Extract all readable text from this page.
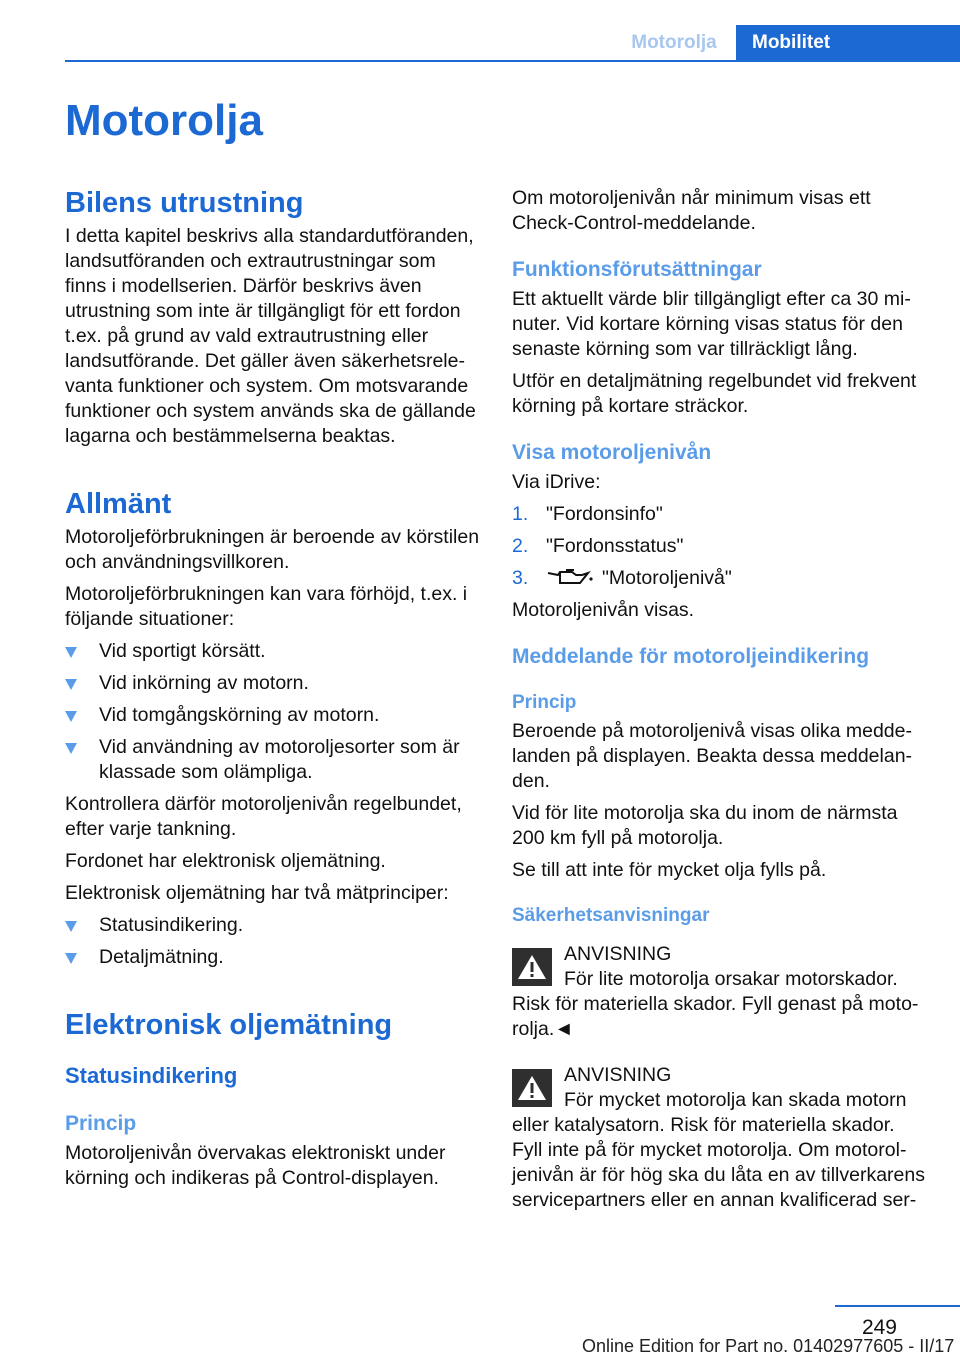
Motorolja	Mobilitet
Motorolja
Bilens utrustning

I detta kapitel beskrivs alla standardutföranden, landsutföranden och extrautrustningar som finns i modellserien. Därför beskrivs även utrustning som inte är tillgängligt för ett fordon t.ex. på grund av vald extrautrustning eller landsutförande. Det gäller även säkerhetsrelevanta funktioner och system. Om motsvarande funktioner och system används ska de gällande lagarna och bestämmelserna beaktas.

Allmänt

Motoroljeförbrukningen är beroende av körstilen och användningsvillkoren.

Motoroljeförbrukningen kan vara förhöjd, t.ex. i följande situationer:

Vid sportigt körsätt.
Vid inkörning av motorn.
Vid tomgångskörning av motorn.
Vid användning av motoroljesorter som är klassade som olämpliga.

Kontrollera därför motoroljenivån regelbundet, efter varje tankning.

Fordonet har elektronisk oljemätning.

Elektronisk oljemätning har två mätprinciper:

Statusindikering.
Detaljmätning.
Elektronisk oljemätning
Statusindikering
Princip

Motoroljenivån övervakas elektroniskt under körning och indikeras på Control-displayen.

Om motoroljenivån når minimum visas ett Check-Control-meddelande.

Funktionsförutsättningar

Ett aktuellt värde blir tillgängligt efter ca 30 minuter. Vid kortare körning visas status för den senaste körning som var tillräckligt lång.

Utför en detaljmätning regelbundet vid frekvent körning på kortare sträckor.

Visa motoroljenivån

Via iDrive:

1. "Fordonsinfo"
2. "Fordonsstatus"
3.	"Motoroljenivå"

Motoroljenivån visas.

Meddelande för motoroljeindikering
Princip

Beroende på motoroljenivå visas olika meddelanden på displayen. Beakta dessa meddelanden.

Vid för lite motorolja ska du inom de närmsta 200 km fyll på motorolja.

Se till att inte för mycket olja fylls på.

Säkerhetsanvisningar

ANVISNING

För lite motorolja orsakar motorskador. Risk för materiella skador. Fyll genast på motorolja.◄

ANVISNING

För mycket motorolja kan skada motorn eller katalysatorn. Risk för materiella skador. Fyll inte på för mycket motorolja. Om motoroljenivån är för hög ska du låta en av tillverkarens servicepartners eller en annan kvalificerad ser‐

249
Online Edition for Part no. 01402977605 - II/17
